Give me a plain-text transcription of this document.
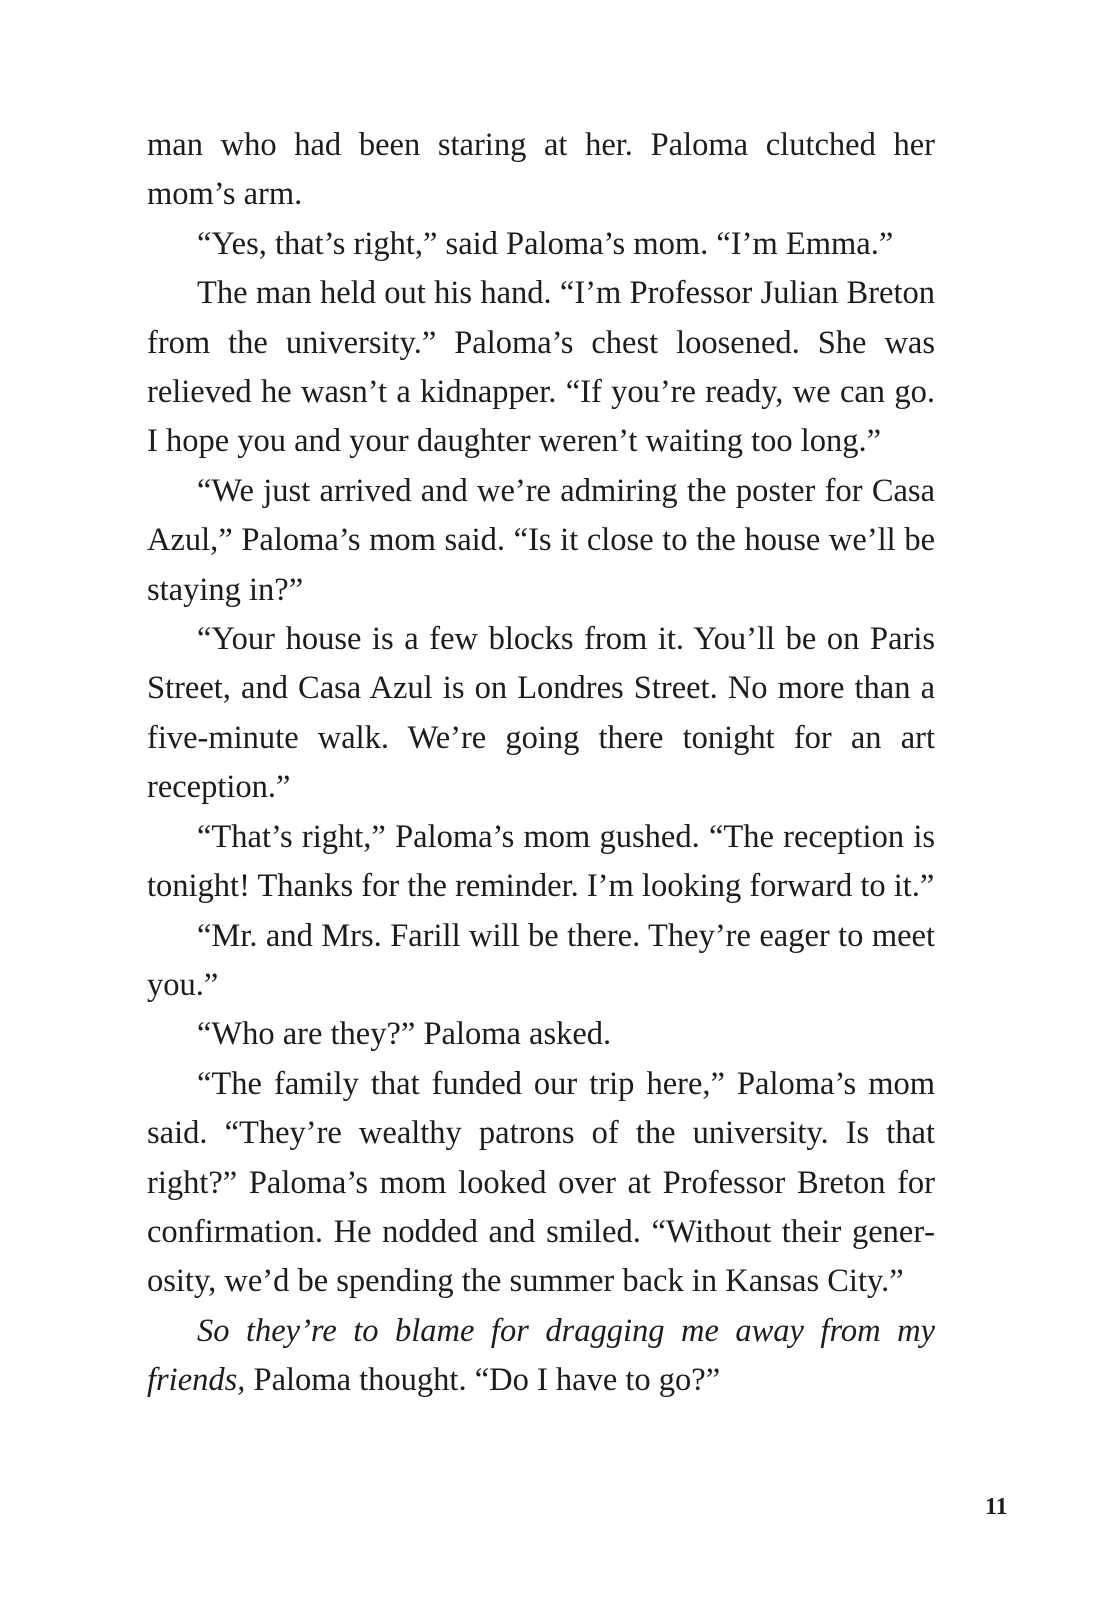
man who had been staring at her. Paloma clutched her mom’s arm.

“Yes, that’s right,” said Paloma’s mom. “I’m Emma.”

The man held out his hand. “I’m Professor Julian Breton from the university.” Paloma’s chest loosened. She was relieved he wasn’t a kidnapper. “If you’re ready, we can go. I hope you and your daughter weren’t waiting too long.”

“We just arrived and we’re admiring the poster for Casa Azul,” Paloma’s mom said. “Is it close to the house we’ll be staying in?”

“Your house is a few blocks from it. You’ll be on Paris Street, and Casa Azul is on Londres Street. No more than a five-minute walk. We’re going there tonight for an art reception.”

“That’s right,” Paloma’s mom gushed. “The reception is tonight! Thanks for the reminder. I’m looking forward to it.”

“Mr. and Mrs. Farill will be there. They’re eager to meet you.”

“Who are they?” Paloma asked.

“The family that funded our trip here,” Paloma’s mom said. “They’re wealthy patrons of the university. Is that right?” Paloma’s mom looked over at Professor Breton for confirmation. He nodded and smiled. “Without their generosity, we’d be spending the summer back in Kansas City.”

So they’re to blame for dragging me away from my friends, Paloma thought. “Do I have to go?”

11
